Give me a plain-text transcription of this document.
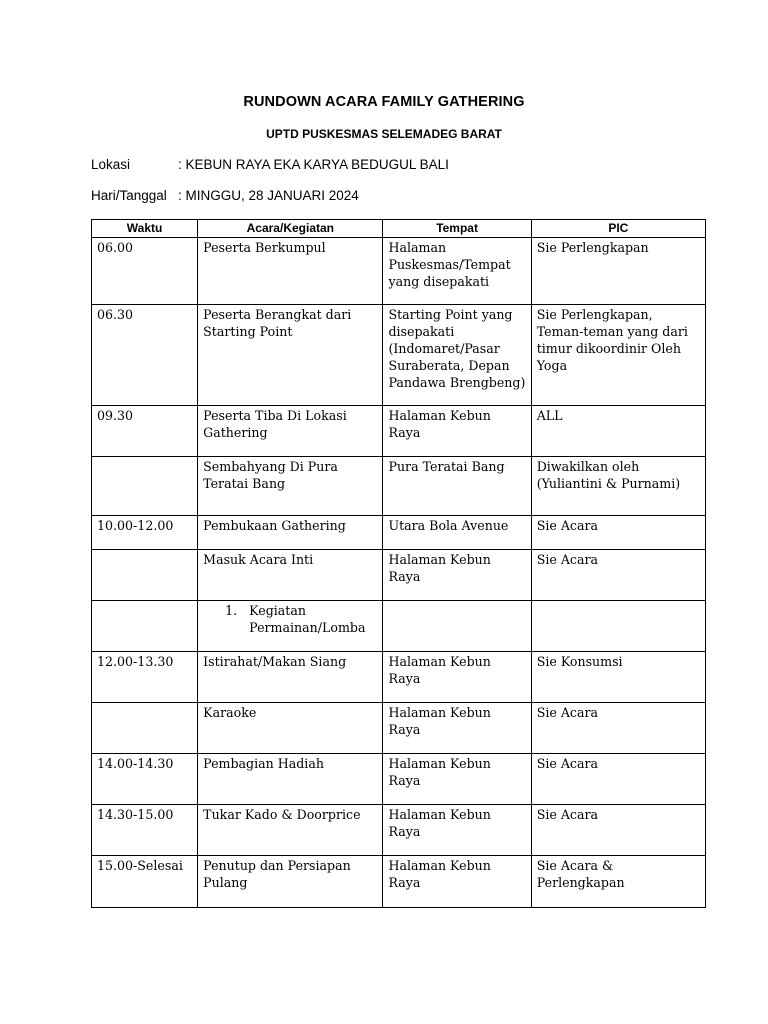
RUNDOWN ACARA FAMILY GATHERING
UPTD PUSKESMAS SELEMADEG BARAT
Lokasi	: KEBUN RAYA EKA KARYA BEDUGUL BALI
Hari/Tanggal : MINGGU, 28 JANUARI 2024
Waktu	Acara/Kegiatan	Tempat	PIC
06.00	Peserta Berkumpul	Halaman Puskesmas/Tempat yang disepakati	Sie Perlengkapan
06.30	Peserta Berangkat dari Starting Point	Starting Point yang disepakati (Indomaret/Pasar Suraberata, Depan Pandawa Brengbeng)	Sie Perlengkapan, Teman-teman yang dari timur dikoordinir Oleh Yoga
09.30	Peserta Tiba Di Lokasi Gathering	Halaman Kebun Raya	ALL
	Sembahyang Di Pura Teratai Bang	Pura Teratai Bang	Diwakilkan oleh (Yuliantini & Purnami)
10.00-12.00	Pembukaan Gathering	Utara Bola Avenue	Sie Acara
	Masuk Acara Inti	Halaman Kebun Raya	Sie Acara

	1. Kegiatan Permainan/Lomba		

12.00-13.30	Istirahat/Makan Siang	Halaman Kebun Raya	Sie Konsumsi
	Karaoke	Halaman Kebun Raya	Sie Acara
14.00-14.30	Pembagian Hadiah	Halaman Kebun Raya	Sie Acara
14.30-15.00	Tukar Kado & Doorprice	Halaman Kebun Raya	Sie Acara
15.00-Selesai	Penutup dan Persiapan Pulang	Halaman Kebun Raya	Sie Acara & Perlengkapan
